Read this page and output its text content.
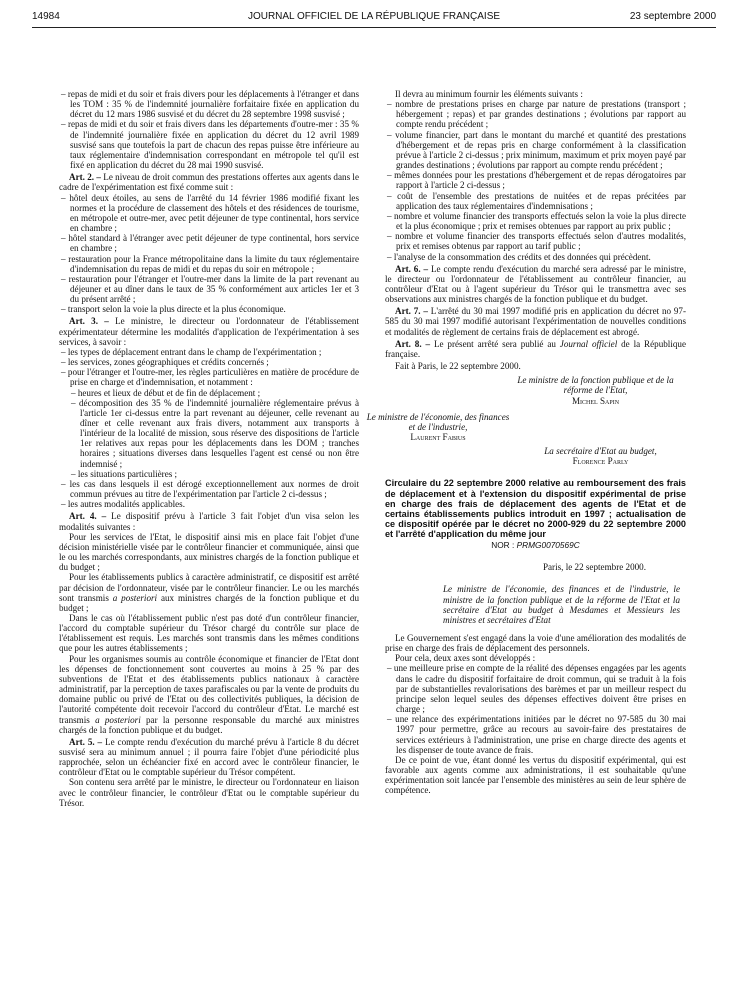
14984	JOURNAL OFFICIEL DE LA RÉPUBLIQUE FRANÇAISE	23 septembre 2000

– repas de midi et du soir et frais divers pour les déplacements à l'étranger et dans les TOM : 35 % de l'indemnité journalière forfaitaire fixée en application du décret du 12 mars 1986 susvisé et du décret du 28 septembre 1998 susvisé ;

– repas de midi et du soir et frais divers dans les départements d'outre-mer : 35 % de l'indemnité journalière fixée en application du décret du 12 avril 1989 susvisé sans que toutefois la part de chacun des repas puisse être inférieure au taux réglementaire d'indemnisation correspondant en métropole tel qu'il est fixé en application du décret du 28 mai 1990 susvisé.

Art. 2. – Le niveau de droit commun des prestations offertes aux agents dans le cadre de l'expérimentation est fixé comme suit :

– hôtel deux étoiles, au sens de l'arrêté du 14 février 1986 modifié fixant les normes et la procédure de classement des hôtels et des résidences de tourisme, en métropole et outre-mer, avec petit déjeuner de type continental, hors service en chambre ;

– hôtel standard à l'étranger avec petit déjeuner de type continental, hors service en chambre ;

– restauration pour la France métropolitaine dans la limite du taux réglementaire d'indemnisation du repas de midi et du repas du soir en métropole ;

– restauration pour l'étranger et l'outre-mer dans la limite de la part revenant au déjeuner et au dîner dans le taux de 35 % conformément aux articles 1er et 3 du présent arrêté ;

– transport selon la voie la plus directe et la plus économique.

Art. 3. – Le ministre, le directeur ou l'ordonnateur de l'établissement expérimentateur détermine les modalités d'application de l'expérimentation à ses services, à savoir :

– les types de déplacement entrant dans le champ de l'expérimentation ;

– les services, zones géographiques et crédits concernés ;

– pour l'étranger et l'outre-mer, les règles particulières en matière de procédure de prise en charge et d'indemnisation, et notamment :

– heures et lieux de début et de fin de déplacement ;

– décomposition des 35 % de l'indemnité journalière réglementaire prévus à l'article 1er ci-dessus entre la part revenant au déjeuner, celle revenant au dîner et celle revenant aux frais divers, notamment aux transports à l'intérieur de la localité de mission, sous réserve des dispositions de l'article 1er relatives aux repas pour les déplacements dans les DOM ; tranches horaires ; situations diverses dans lesquelles l'agent est censé ou non être indemnisé ;

– les situations particulières ;

– les cas dans lesquels il est dérogé exceptionnellement aux normes de droit commun prévues au titre de l'expérimentation par l'article 2 ci-dessus ;

– les autres modalités applicables.

Art. 4. – Le dispositif prévu à l'article 3 fait l'objet d'un visa selon les modalités suivantes :

Pour les services de l'Etat, le dispositif ainsi mis en place fait l'objet d'une décision ministérielle visée par le contrôleur financier et communiquée, ainsi que le ou les marchés correspondants, aux ministres chargés de la fonction publique et du budget ;

Pour les établissements publics à caractère administratif, ce dispositif est arrêté par décision de l'ordonnateur, visée par le contrôleur financier. Le ou les marchés sont transmis a posteriori aux ministres chargés de la fonction publique et du budget ;

Dans le cas où l'établissement public n'est pas doté d'un contrôleur financier, l'accord du comptable supérieur du Trésor chargé du contrôle sur place de l'établissement est requis. Les marchés sont transmis dans les mêmes conditions que pour les autres établissements ;

Pour les organismes soumis au contrôle économique et financier de l'Etat dont les dépenses de fonctionnement sont couvertes au moins à 25 % par des subventions de l'Etat et des établissements publics nationaux à caractère administratif, par la perception de taxes parafiscales ou par la vente de produits du domaine public ou privé de l'Etat ou des collectivités publiques, la décision de l'autorité compétente doit recevoir l'accord du contrôleur d'Etat. Le marché est transmis a posteriori par la personne responsable du marché aux ministres chargés de la fonction publique et du budget.

Art. 5. – Le compte rendu d'exécution du marché prévu à l'article 8 du décret susvisé sera au minimum annuel ; il pourra faire l'objet d'une périodicité plus rapprochée, selon un échéancier fixé en accord avec le contrôleur financier, le contrôleur d'Etat ou le comptable supérieur du Trésor compétent.

Son contenu sera arrêté par le ministre, le directeur ou l'ordonnateur en liaison avec le contrôleur financier, le contrôleur d'Etat ou le comptable supérieur du Trésor.

Il devra au minimum fournir les éléments suivants :

– nombre de prestations prises en charge par nature de prestations (transport ; hébergement ; repas) et par grandes destinations ; évolutions par rapport au compte rendu précédent ;

– volume financier, part dans le montant du marché et quantité des prestations d'hébergement et de repas pris en charge conformément à la classification prévue à l'article 2 ci-dessus ; prix minimum, maximum et prix moyen payé par grandes destinations ; évolutions par rapport au compte rendu précédent ;

– mêmes données pour les prestations d'hébergement et de repas dérogatoires par rapport à l'article 2 ci-dessus ;

– coût de l'ensemble des prestations de nuitées et de repas précitées par application des taux réglementaires d'indemnisations ;

– nombre et volume financier des transports effectués selon la voie la plus directe et la plus économique ; prix et remises obtenues par rapport au prix public ;

– nombre et volume financier des transports effectués selon d'autres modalités, prix et remises obtenus par rapport au tarif public ;

– l'analyse de la consommation des crédits et des données qui précèdent.

Art. 6. – Le compte rendu d'exécution du marché sera adressé par le ministre, le directeur ou l'ordonnateur de l'établissement au contrôleur financier, au contrôleur d'Etat ou à l'agent supérieur du Trésor qui le transmettra avec ses observations aux ministres chargés de la fonction publique et du budget.

Art. 7. – L'arrêté du 30 mai 1997 modifié pris en application du décret no 97-585 du 30 mai 1997 modifié autorisant l'expérimentation de nouvelles conditions et modalités de règlement de certains frais de déplacement est abrogé.

Art. 8. – Le présent arrêté sera publié au Journal officiel de la République française.

Fait à Paris, le 22 septembre 2000.

Le ministre de la fonction publique et de la réforme de l'Etat,

Michel Sapin

Le ministre de l'économie, des finances et de l'industrie,

Laurent Fabius

La secrétaire d'Etat au budget,

Florence Parly

Circulaire du 22 septembre 2000 relative au remboursement des frais de déplacement et à l'extension du dispositif expérimental de prise en charge des frais de déplacement des agents de l'Etat et de certains établissements publics introduit en 1997 ; actualisation de ce dispositif opérée par le décret no 2000-929 du 22 septembre 2000 et l'arrêté d'application du même jour

NOR : PRMG0070569C

Paris, le 22 septembre 2000.

Le ministre de l'économie, des finances et de l'industrie, le ministre de la fonction publique et de la réforme de l'Etat et la secrétaire d'Etat au budget à Mesdames et Messieurs les ministres et secrétaires d'Etat

Le Gouvernement s'est engagé dans la voie d'une amélioration des modalités de prise en charge des frais de déplacement des personnels.

Pour cela, deux axes sont développés :

– une meilleure prise en compte de la réalité des dépenses engagées par les agents dans le cadre du dispositif forfaitaire de droit commun, qui se traduit à la fois par de substantielles revalorisations des barèmes et par un meilleur respect du principe selon lequel seules des dépenses effectives doivent être prises en charge ;

– une relance des expérimentations initiées par le décret no 97-585 du 30 mai 1997 pour permettre, grâce au recours au savoir-faire des prestataires de services extérieurs à l'administration, une prise en charge directe des agents et les dispenser de toute avance de frais.

De ce point de vue, étant donné les vertus du dispositif expérimental, qui est favorable aux agents comme aux administrations, il est souhaitable qu'une expérimentation soit lancée par l'ensemble des ministères au sein de leur sphère de compétence.
